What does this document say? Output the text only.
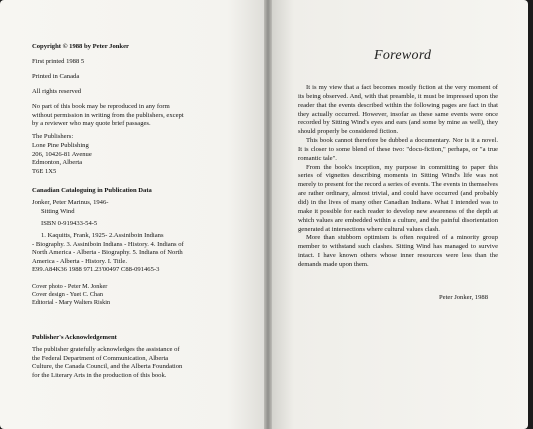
Copyright © 1988 by Peter Jonker
First printed 1988 5
Printed in Canada
All rights reserved
No part of this book may be reproduced in any form
without permission in writing from the publishers, except
by a reviewer who may quote brief passages.
The Publishers:
Lone Pine Publishing
206, 10426-81 Avenue
Edmonton, Alberta
T6E 1X5
Canadian Cataloguing in Publication Data
Jonker, Peter Marinus, 1946-
Sitting Wind
ISBN 0-919433-54-5
1. Kaquitts, Frank, 1925- 2.Assiniboin Indians
- Biography. 3. Assiniboin Indians - History. 4. Indians of
North America - Alberta - Biography. 5. Indians of North
America - Alberta - History. I. Title.
E99.A84K36 1988 971.23'00497 C88-091465-3
Cover photo - Peter M. Jonker
Cover design - Yuet C. Chan
Editorial - Mary Walters Riskin
Publisher's Acknowledgement
The publisher gratefully acknowledges the assistance of
the Federal Department of Communication, Alberta
Culture, the Canada Council, and the Alberta Foundation
for the Literary Arts in the production of this book.
Foreword

It is my view that a fact becomes mostly fiction at the very moment of its being observed. And, with that preamble, it must be impressed upon the reader that the events described within the following pages are fact in that they actually occurred. However, insofar as these same events were once recorded by Sitting Wind's eyes and ears (and some by mine as well), they should properly be considered fiction.

This book cannot therefore be dubbed a documentary. Nor is it a novel. It is closer to some blend of these two: "docu-fiction," perhaps, or "a true romantic tale".

From the book's inception, my purpose in committing to paper this series of vignettes describing moments in Sitting Wind's life was not merely to present for the record a series of events. The events in themselves are rather ordinary, almost trivial, and could have occurred (and probably did) in the lives of many other Canadian Indians. What I intended was to make it possible for each reader to develop new awareness of the depth at which values are embedded within a culture, and the painful disorientation generated at intersections where cultural values clash.

More than stubborn optimism is often required of a minority group member to withstand such clashes. Sitting Wind has managed to survive intact. I have known others whose inner resources were less than the demands made upon them.

Peter Jonker, 1988
